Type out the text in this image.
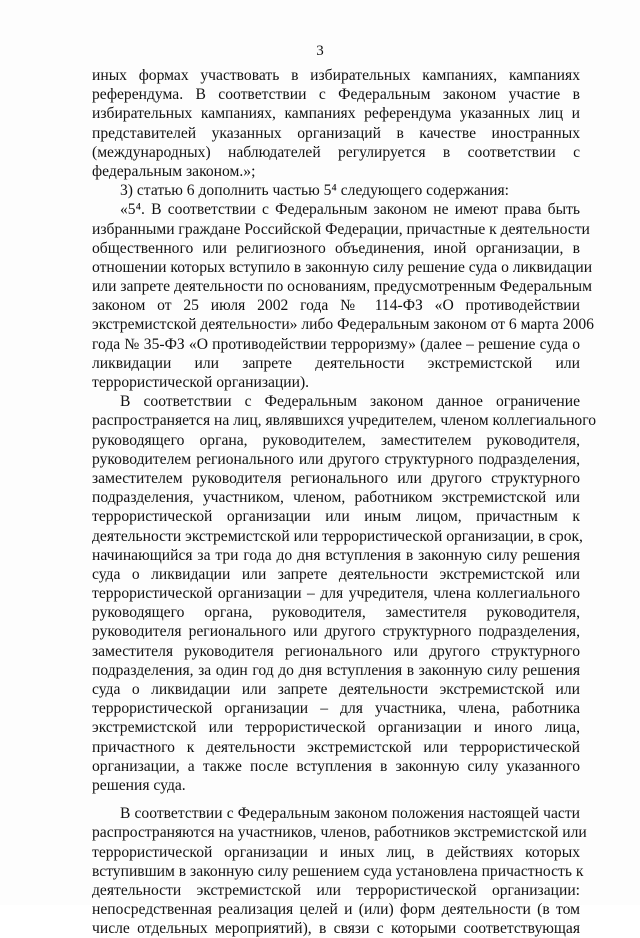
3
иных формах участвовать в избирательных кампаниях, кампаниях
референдума. В соответствии с Федеральным законом участие в
избирательных кампаниях, кампаниях референдума указанных лиц и
представителей указанных организаций в качестве иностранных
(международных) наблюдателей регулируется в соответствии с
федеральным законом.»;
3) статью 6 дополнить частью 5⁴ следующего содержания:
«5⁴. В соответствии с Федеральным законом не имеют права быть
избранными граждане Российской Федерации, причастные к деятельности
общественного или религиозного объединения, иной организации, в
отношении которых вступило в законную силу решение суда о ликвидации
или запрете деятельности по основаниям, предусмотренным Федеральным
законом от 25 июля 2002 года № 114-ФЗ «О противодействии
экстремистской деятельности» либо Федеральным законом от 6 марта 2006
года № 35-ФЗ «О противодействии терроризму» (далее – решение суда о
ликвидации или запрете деятельности экстремистской или
террористической организации).
В соответствии с Федеральным законом данное ограничение
распространяется на лиц, являвшихся учредителем, членом коллегиального
руководящего органа, руководителем, заместителем руководителя,
руководителем регионального или другого структурного подразделения,
заместителем руководителя регионального или другого структурного
подразделения, участником, членом, работником экстремистской или
террористической организации или иным лицом, причастным к
деятельности экстремистской или террористической организации, в срок,
начинающийся за три года до дня вступления в законную силу решения
суда о ликвидации или запрете деятельности экстремистской или
террористической организации – для учредителя, члена коллегиального
руководящего органа, руководителя, заместителя руководителя,
руководителя регионального или другого структурного подразделения,
заместителя руководителя регионального или другого структурного
подразделения, за один год до дня вступления в законную силу решения
суда о ликвидации или запрете деятельности экстремистской или
террористической организации – для участника, члена, работника
экстремистской или террористической организации и иного лица,
причастного к деятельности экстремистской или террористической
организации, а также после вступления в законную силу указанного
решения суда.
В соответствии с Федеральным законом положения настоящей части
распространяются на участников, членов, работников экстремистской или
террористической организации и иных лиц, в действиях которых
вступившим в законную силу решением суда установлена причастность к
деятельности экстремистской или террористической организации:
непосредственная реализация целей и (или) форм деятельности (в том
числе отдельных мероприятий), в связи с которыми соответствующая
